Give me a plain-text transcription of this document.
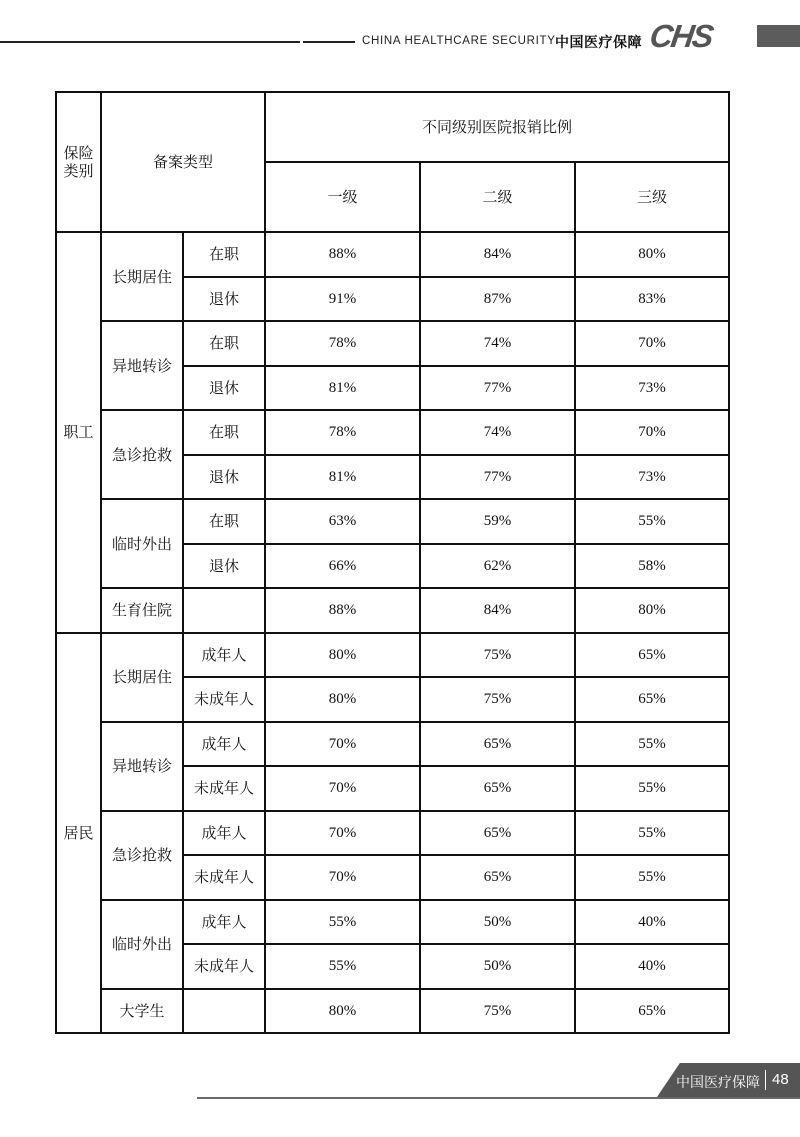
CHINA HEALTHCARE SECURITY 中国医疗保障 CHS
保险
类别	备案类型		不同级别医院报销比例		
			一级	二级	三级
职工	长期居住	在职	88%	84%	80%
		退休	91%	87%	83%
	异地转诊	在职	78%	74%	70%
		退休	81%	77%	73%
	急诊抢救	在职	78%	74%	70%
		退休	81%	77%	73%
	临时外出	在职	63%	59%	55%
		退休	66%	62%	58%
	生育住院		88%	84%	80%
居民	长期居住	成年人	80%	75%	65%
		未成年人	80%	75%	65%
	异地转诊	成年人	70%	65%	55%
		未成年人	70%	65%	55%
	急诊抢救	成年人	70%	65%	55%
		未成年人	70%	65%	55%
	临时外出	成年人	55%	50%	40%
		未成年人	55%	50%	40%
	大学生		80%	75%	65%
中国医疗保障 48
